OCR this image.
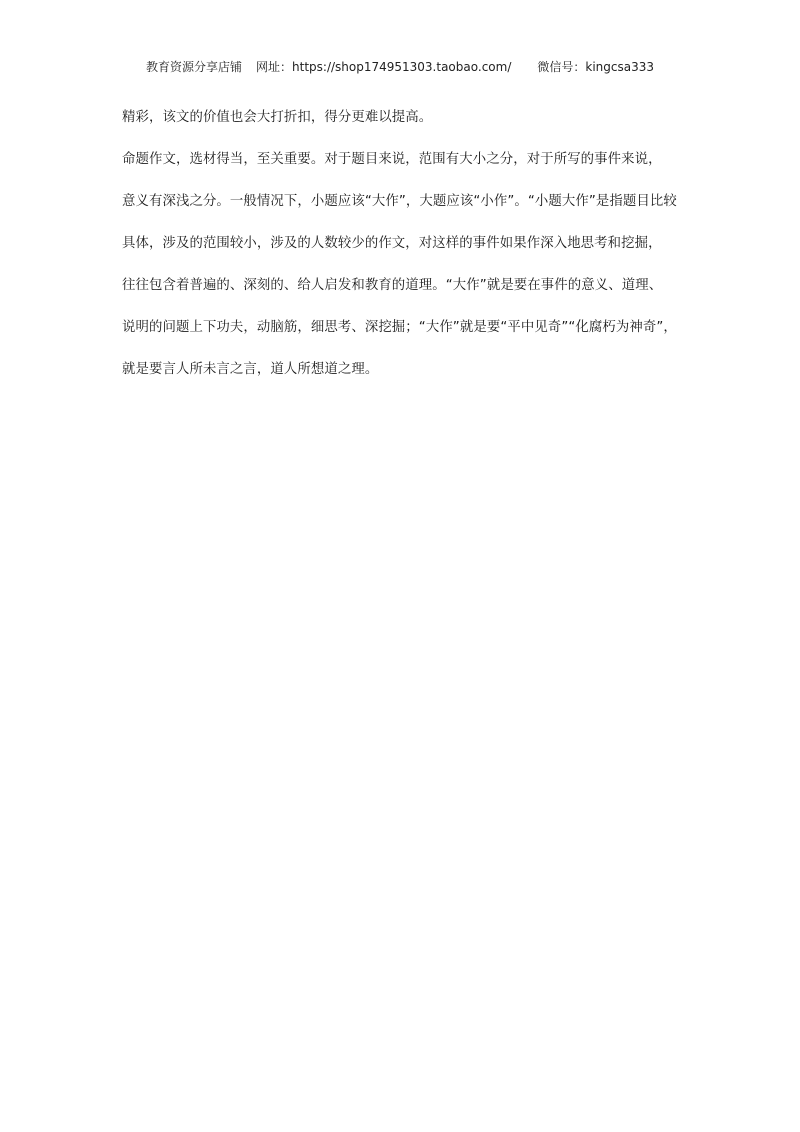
教育资源分享店铺 网址：https://shop174951303.taobao.com/ 微信号：kingcsa333
精彩，该文的价值也会大打折扣，得分更难以提高。
命题作文，选材得当，至关重要。对于题目来说，范围有大小之分，对于所写的事件来说，
意义有深浅之分。一般情况下，小题应该“大作”，大题应该“小作”。“小题大作”是指题目比较
具体，涉及的范围较小，涉及的人数较少的作文，对这样的事件如果作深入地思考和挖掘，
往往包含着普遍的、深刻的、给人启发和教育的道理。“大作”就是要在事件的意义、道理、
说明的问题上下功夫，动脑筋，细思考、深挖掘；“大作”就是要“平中见奇”“化腐朽为神奇”，
就是要言人所未言之言，道人所想道之理。
